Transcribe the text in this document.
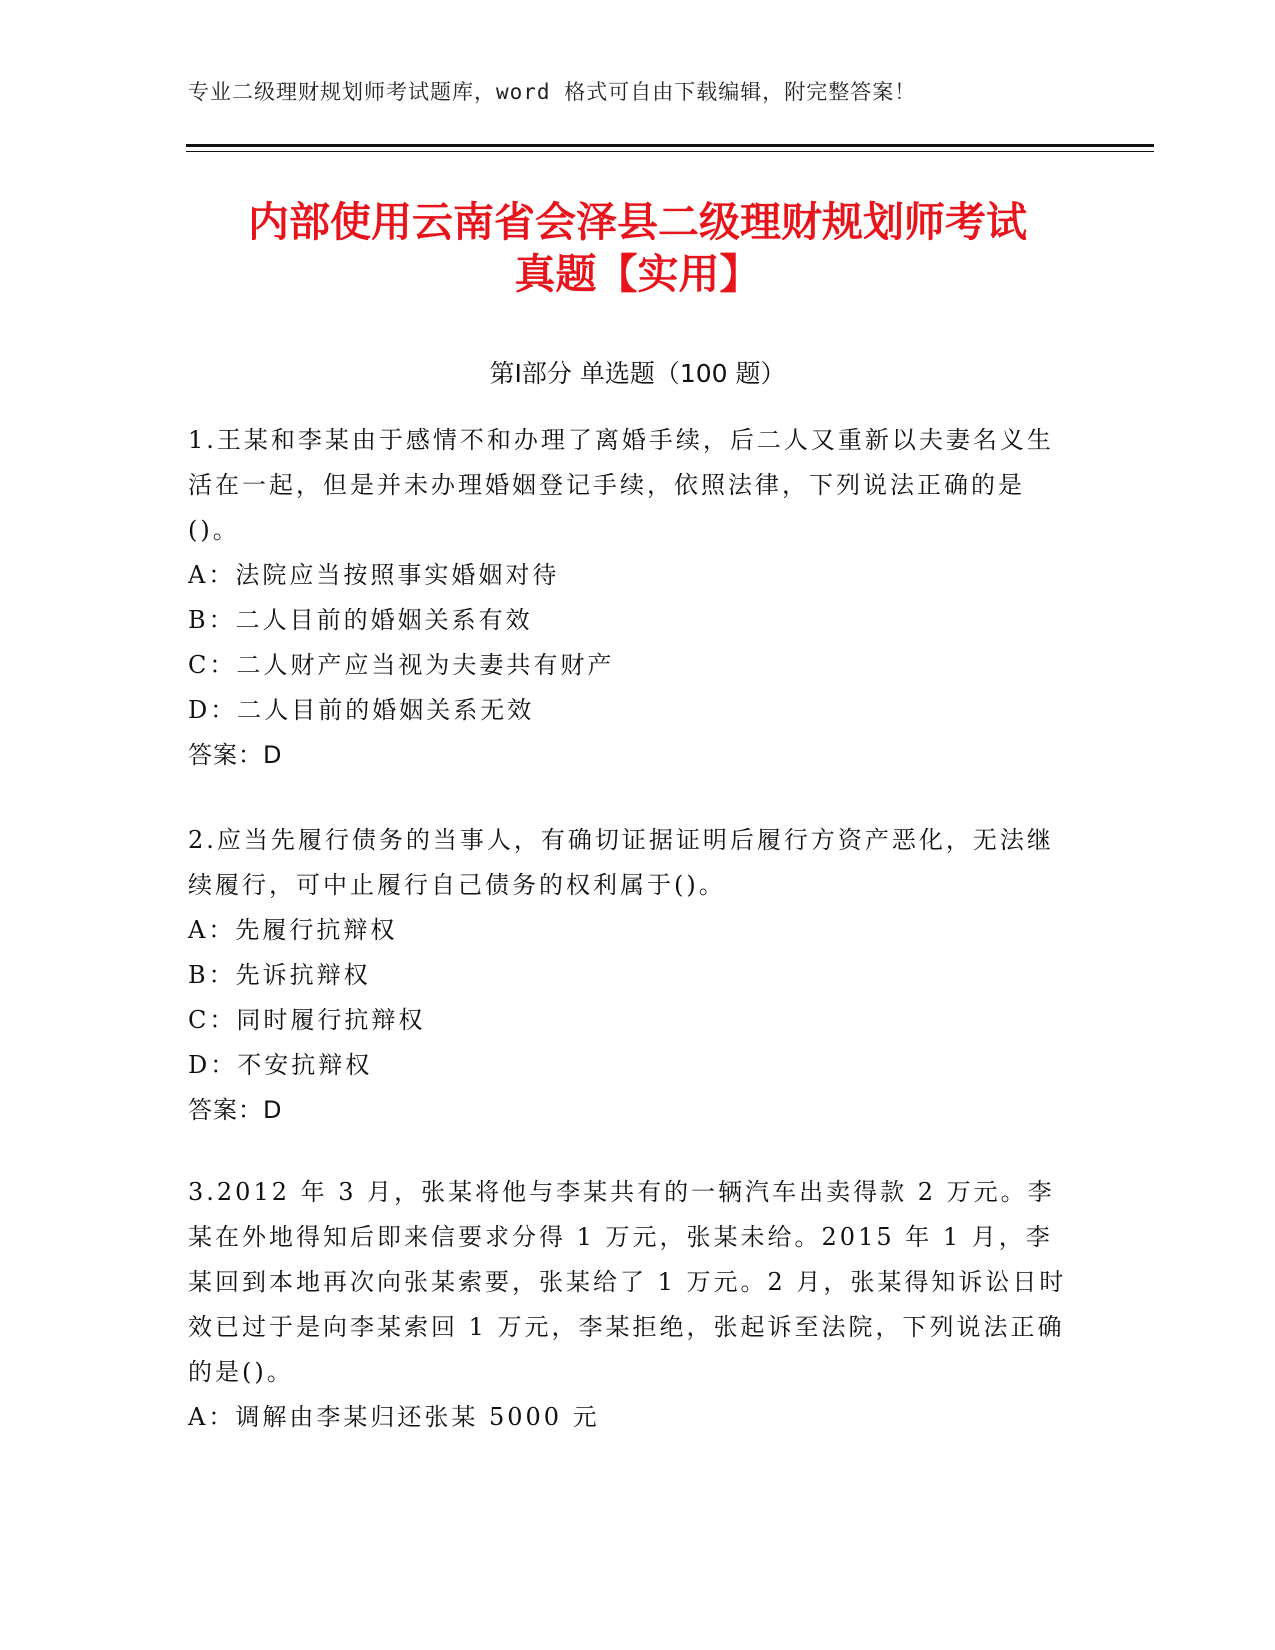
专业二级理财规划师考试题库，word 格式可自由下载编辑，附完整答案！
内部使用云南省会泽县二级理财规划师考试
真题【实用】
第Ⅰ部分 单选题（100 题）

1.王某和李某由于感情不和办理了离婚手续，后二人又重新以夫妻名义生活在一起，但是并未办理婚姻登记手续，依照法律，下列说法正确的是()。

A：法院应当按照事实婚姻对待

B：二人目前的婚姻关系有效

C：二人财产应当视为夫妻共有财产

D：二人目前的婚姻关系无效

答案：D

2.应当先履行债务的当事人，有确切证据证明后履行方资产恶化，无法继续履行，可中止履行自己债务的权利属于()。

A：先履行抗辩权

B：先诉抗辩权

C：同时履行抗辩权

D：不安抗辩权

答案：D

3.2012 年 3 月，张某将他与李某共有的一辆汽车出卖得款 2 万元。李某在外地得知后即来信要求分得 1 万元，张某未给。2015 年 1 月，李某回到本地再次向张某索要，张某给了 1 万元。2 月，张某得知诉讼日时效已过于是向李某索回 1 万元，李某拒绝，张起诉至法院，下列说法正确的是()。

A：调解由李某归还张某 5000 元
